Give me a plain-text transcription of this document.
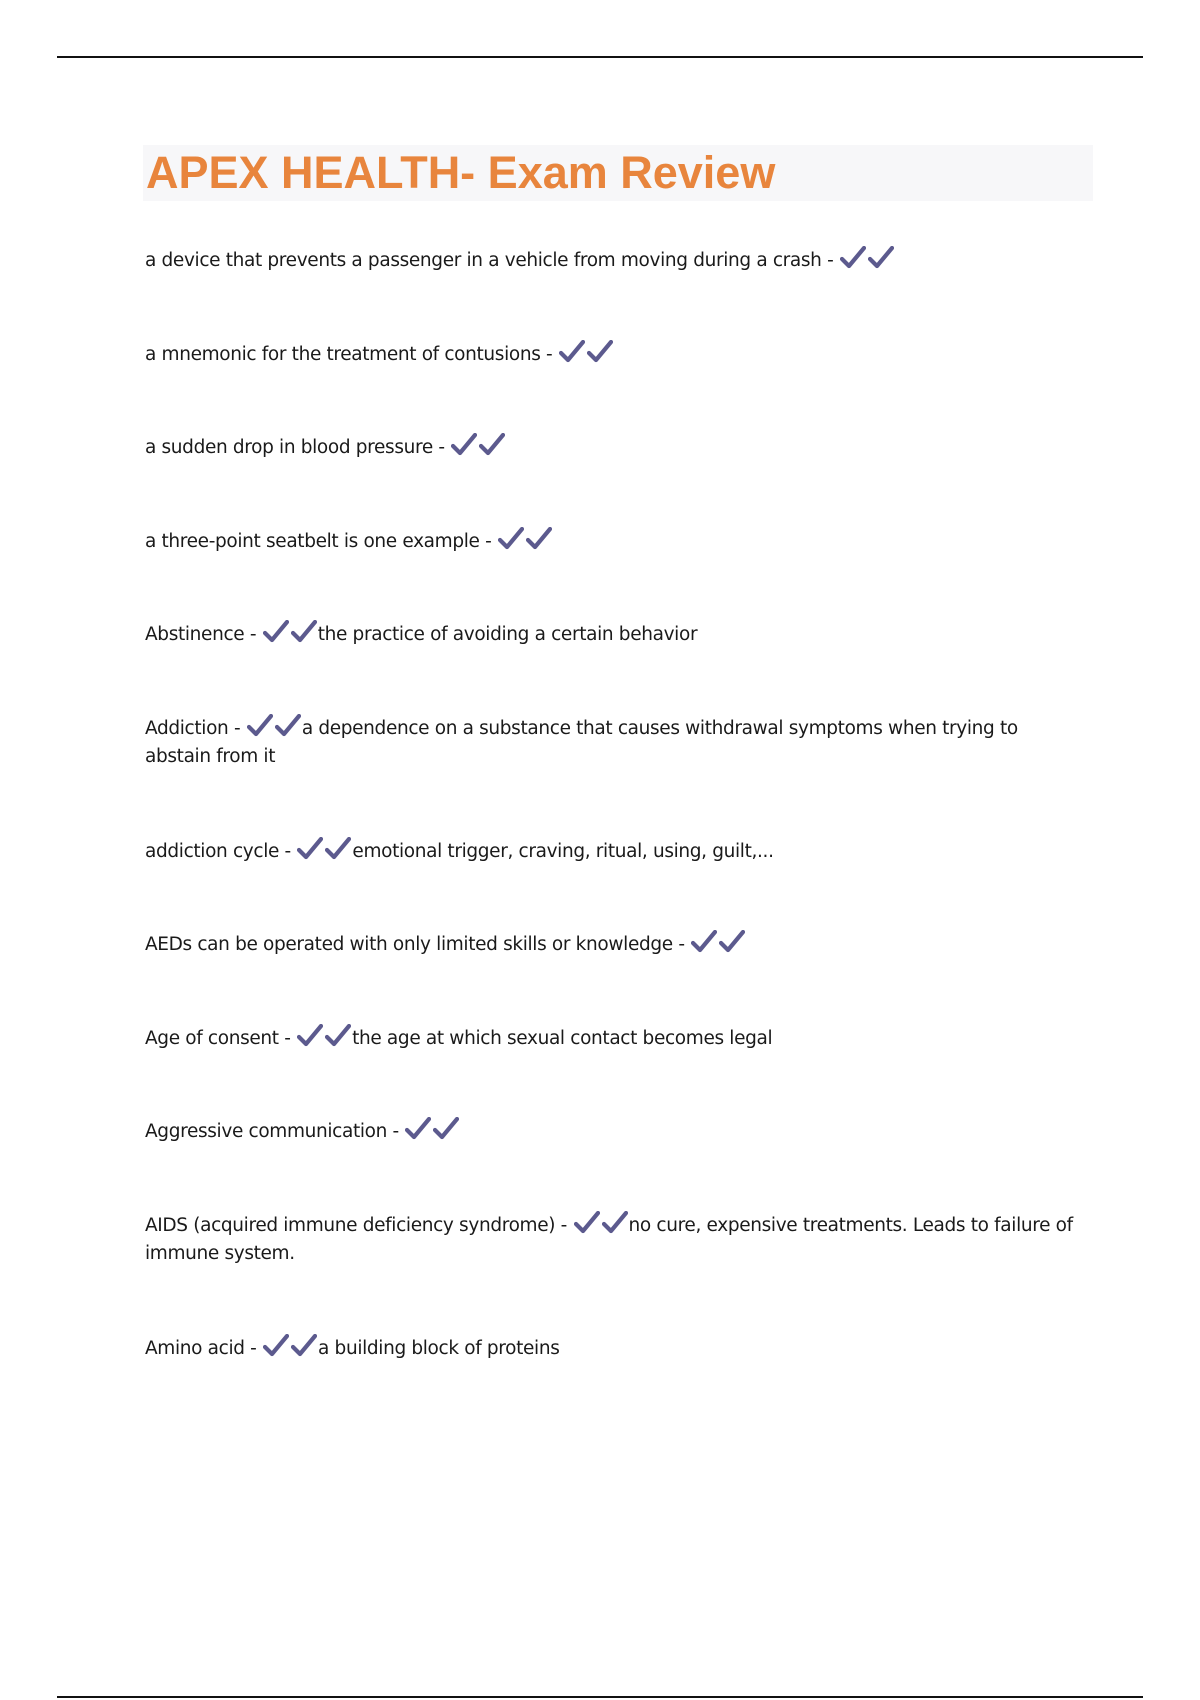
APEX HEALTH- Exam Review
a device that prevents a passenger in a vehicle from moving during a crash -
a mnemonic for the treatment of contusions -
a sudden drop in blood pressure -
a three-point seatbelt is one example -
Abstinence -	the practice of avoiding a certain behavior
Addiction -	a dependence on a substance that causes withdrawal symptoms when trying to abstain from it
addiction cycle -	emotional trigger, craving, ritual, using, guilt,...
AEDs can be operated with only limited skills or knowledge -
Age of consent -	the age at which sexual contact becomes legal
Aggressive communication -
AIDS (acquired immune deficiency syndrome) -	no cure, expensive treatments. Leads to failure of immune system.
Amino acid -	a building block of proteins
